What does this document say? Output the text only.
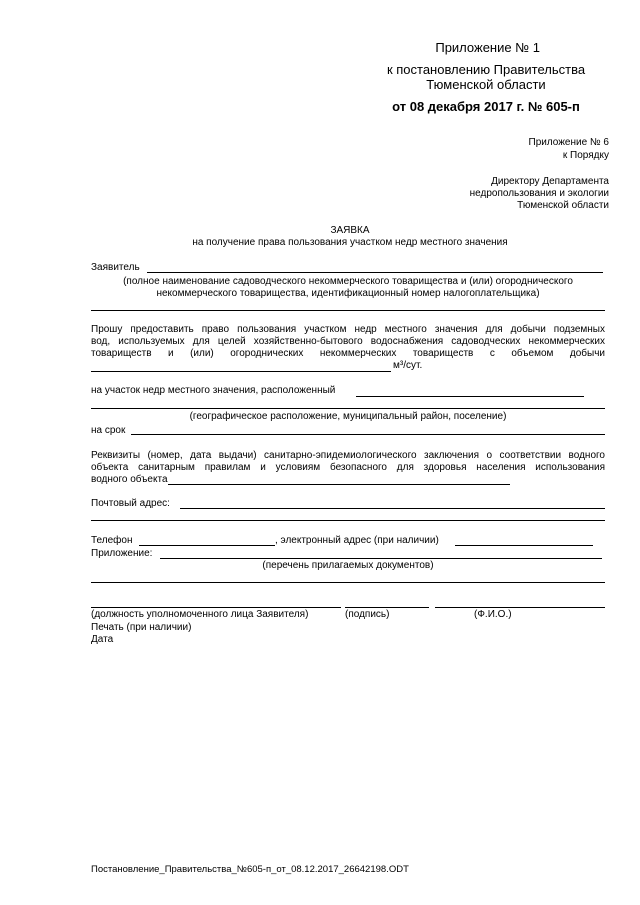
Приложение № 1
к постановлению Правительства
Тюменской области
от 08 декабря 2017 г. № 605-п
Приложение № 6
к Порядку
Директору Департамента
недропользования и экологии
Тюменской области
ЗАЯВКА
на получение права пользования участком недр местного значения
Заявитель
(полное наименование садоводческого некоммерческого товарищества и (или) огороднического
некоммерческого товарищества, идентификационный номер налогоплательщика)
Прошу предоставить право пользования участком недр местного значения для добычи подземных
вод, используемых для целей хозяйственно-бытового водоснабжения садоводческих некоммерческих
товариществ и (или) огороднических некоммерческих товариществ с объемом добычи
м³/сут.
на участок недр местного значения, расположенный
(географическое расположение, муниципальный район, поселение)
на срок
Реквизиты (номер, дата выдачи) санитарно-эпидемиологического заключения о соответствии водного
объекта санитарным правилам и условиям безопасного для здоровья населения использования
водного объекта
Почтовый адрес:
Телефон	, электронный адрес (при наличии)
Приложение:
(перечень прилагаемых документов)
(должность уполномоченного лица Заявителя)	(подпись)	(Ф.И.О.)
Печать (при наличии)
Дата
Постановление_Правительства_№605-п_от_08.12.2017_26642198.ODT
